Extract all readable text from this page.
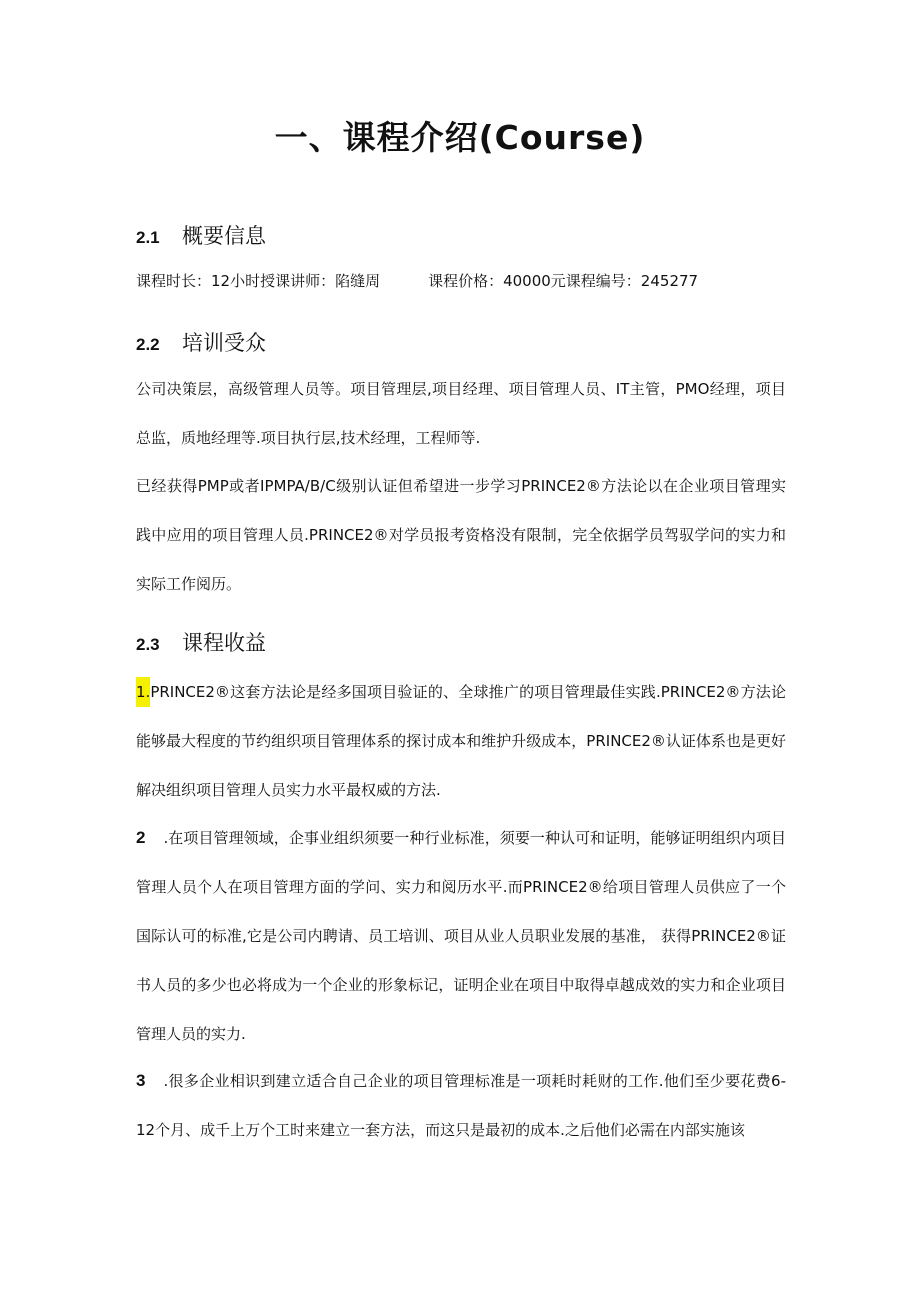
一、课程介绍(Course)
2.1 概要信息
课程时长：12小时授课讲师：陷缝周	课程价格：40000元课程编号：245277
2.2 培训受众
公司决策层，高级管理人员等。项目管理层,项目经理、项目管理人员、IT主管，PMO经理，项目总监，质地经理等.项目执行层,技术经理，工程师等.
已经获得PMP或者IPMPA/B/C级别认证但希望进一步学习PRINCE2®方法论以在企业项目管理实践中应用的项目管理人员.PRINCE2®对学员报考资格没有限制，完全依据学员驾驭学问的实力和实际工作阅历。
2.3 课程收益
1.PRINCE2®这套方法论是经多国项目验证的、全球推广的项目管理最佳实践.PRINCE2®方法论能够最大程度的节约组织项目管理体系的探讨成本和维护升级成本，PRINCE2®认证体系也是更好解决组织项目管理人员实力水平最权威的方法.
2 .在项目管理领域，企事业组织须要一种行业标准，须要一种认可和证明，能够证明组织内项目管理人员个人在项目管理方面的学问、实力和阅历水平.而PRINCE2®给项目管理人员供应了一个国际认可的标准,它是公司内聘请、员工培训、项目从业人员职业发展的基准， 获得PRINCE2®证书人员的多少也必将成为一个企业的形象标记，证明企业在项目中取得卓越成效的实力和企业项目管理人员的实力.
3 .很多企业相识到建立适合自己企业的项目管理标准是一项耗时耗财的工作.他们至少要花费6-12个月、成千上万个工时来建立一套方法，而这只是最初的成本.之后他们必需在内部实施该
